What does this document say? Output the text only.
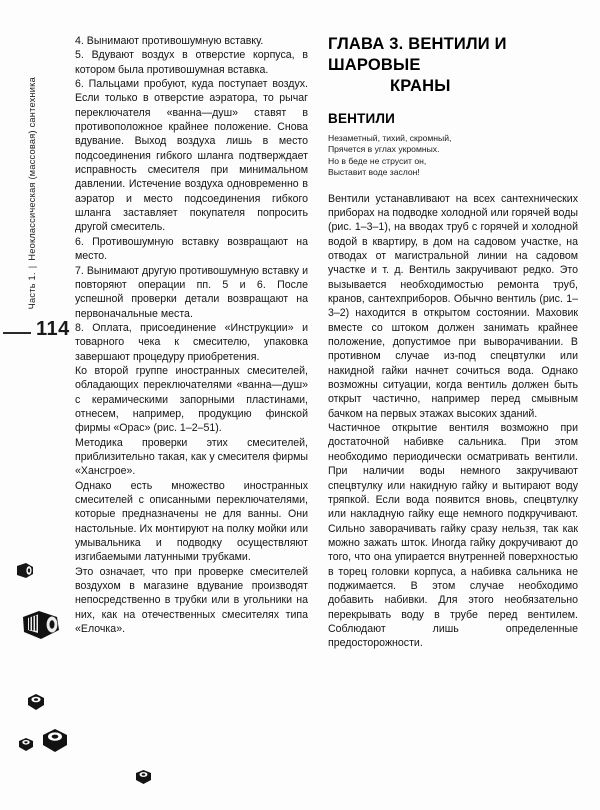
Часть 1.|Неоклассическая (массовая) сантехника
114

4. Вынимают противошумную вставку.

5. Вдувают воздух в отверстие корпуса, в котором была противошумная вставка.

6. Пальцами пробуют, куда поступает воздух. Если только в отверстие аэратора, то рычаг переключателя «ванна—душ» ставят в противоположное крайнее положение. Снова вдувание. Выход воздуха лишь в место подсоединения гибкого шланга подтверждает исправность смесителя при минимальном давлении. Истечение воздуха одновременно в аэратор и место подсоединения гибкого шланга заставляет покупателя попросить другой смеситель.

6. Противошумную вставку возвращают на место.

7. Вынимают другую противошумную вставку и повторяют операции пп. 5 и 6. После успешной проверки детали возвращают на первоначальные места.

8. Оплата, присоединение «Инструкции» и товарного чека к смесителю, упаковка завершают процедуру приобретения.

Ко второй группе иностранных смесителей, обладающих переключателями «ванна—душ» с керамическими запорными пластинами, отнесем, например, продукцию финской фирмы «Орас» (рис. 1–2–51).

Методика проверки этих смесителей, приблизительно такая, как у смесителя фирмы «Хансгрое».

Однако есть множество иностранных смесителей с описанными переключателями, которые предназначены не для ванны. Они настольные. Их монтируют на полку мойки или умывальника и подводку осуществляют изгибаемыми латунными трубками.

Это означает, что при проверке смесителей воздухом в магазине вдувание производят непосредственно в трубки или в угольники на них, как на отечественных смесителях типа «Елочка».

ГЛАВА 3. ВЕНТИЛИ И ШАРОВЫЕ
КРАНЫ
ВЕНТИЛИ
Незаметный, тихий, скромный,
Прячется в углах укромных.
Но в беде не струсит он,
Выставит воде заслон!

Вентили устанавливают на всех сантехнических приборах на подводке холодной или горячей воды (рис. 1–3–1), на вводах труб с горячей и холодной водой в квартиру, в дом на садовом участке, на отводах от магистральной линии на садовом участке и т. д. Вентиль закручивают редко. Это вызывается необходимостью ремонта труб, кранов, сантехприборов. Обычно вентиль (рис. 1–3–2) находится в открытом состоянии. Маховик вместе со штоком должен занимать крайнее положение, допустимое при выворачивании. В противном случае из-под спецвтулки или накидной гайки начнет сочиться вода. Однако возможны ситуации, когда вентиль должен быть открыт частично, например перед смывным бачком на первых этажах высоких зданий.

Частичное открытие вентиля возможно при достаточной набивке сальника. При этом необходимо периодически осматривать вентили. При наличии воды немного закручивают спецвтулку или накидную гайку и вытирают воду тряпкой. Если вода появится вновь, спецвтулку или накладную гайку еще немного подкручивают. Сильно заворачивать гайку сразу нельзя, так как можно зажать шток. Иногда гайку докручивают до того, что она упирается внутренней поверхностью в торец головки корпуса, а набивка сальника не поджимается. В этом случае необходимо добавить набивки. Для этого необязательно перекрывать воду в трубе перед вентилем. Соблюдают лишь определенные предосторожности.
